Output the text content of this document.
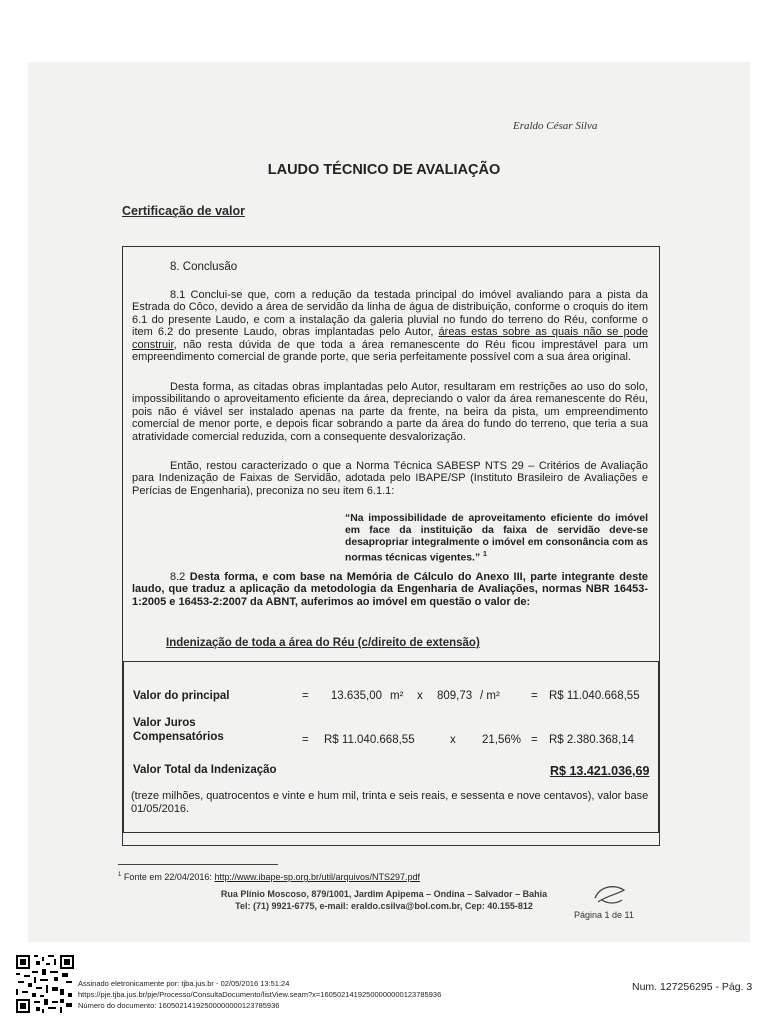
Eraldo César Silva
LAUDO TÉCNICO DE AVALIAÇÃO
Certificação de valor
8. Conclusão
8.1 Conclui-se que, com a redução da testada principal do imóvel avaliando para a pista da Estrada do Côco, devido a área de servidão da linha de água de distribuição, conforme o croquis do item 6.1 do presente Laudo, e com a instalação da galeria pluvial no fundo do terreno do Réu, conforme o item 6.2 do presente Laudo, obras implantadas pelo Autor, áreas estas sobre as quais não se pode construir, não resta dúvida de que toda a área remanescente do Réu ficou imprestável para um empreendimento comercial de grande porte, que seria perfeitamente possível com a sua área original.
Desta forma, as citadas obras implantadas pelo Autor, resultaram em restrições ao uso do solo, impossibilitando o aproveitamento eficiente da área, depreciando o valor da área remanescente do Réu, pois não é viável ser instalado apenas na parte da frente, na beira da pista, um empreendimento comercial de menor porte, e depois ficar sobrando a parte da área do fundo do terreno, que teria a sua atratividade comercial reduzida, com a consequente desvalorização.
Então, restou caracterizado o que a Norma Técnica SABESP NTS 29 – Critérios de Avaliação para Indenização de Faixas de Servidão, adotada pelo IBAPE/SP (Instituto Brasileiro de Avaliações e Perícias de Engenharia), preconiza no seu item 6.1.1:
“Na impossibilidade de aproveitamento eficiente do imóvel em face da instituição da faixa de servidão deve-se desapropriar integralmente o imóvel em consonância com as normas técnicas vigentes.” $^1$
8.2 Desta forma, e com base na Memória de Cálculo do Anexo III, parte integrante deste laudo, que traduz a aplicação da metodologia da Engenharia de Avaliações, normas NBR 16453-1:2005 e 16453-2:2007 da ABNT, auferimos ao imóvel em questão o valor de:
Indenização de toda a área do Réu (c/direito de extensão)
Valor do principal	=	13.635,00 m² x 809,73 / m²	= R$ 11.040.668,55
Valor Juros
Compensatórios	= R$ 11.040.668,55	x 21,56% = R$ 2.380.368,14
Valor Total da Indenização	R$ 13.421.036,69
(treze milhões, quatrocentos e vinte e hum mil, trinta e seis reais, e sessenta e nove centavos), valor base 01/05/2016.
$^1$ Fonte em 22/04/2016: http://www.ibape-sp.org.br/util/arquivos/NTS297.pdf
Rua Plínio Moscoso, 879/1001, Jardim Apipema – Ondina – Salvador – Bahia
Tel: (71) 9921-6775, e-mail: eraldo.csilva@bol.com.br, Cep: 40.155-812
Página 1 de 11
Assinado eletronicamente por: tjba.jus.br - 02/05/2016 13:51:24
https://pje.tjba.jus.br/pje/Processo/ConsultaDocumento/listView.seam?x=16050214192500000000123785936
Número do documento: 16050214192500000000123785936
Num. 127256295 - Pág. 3
